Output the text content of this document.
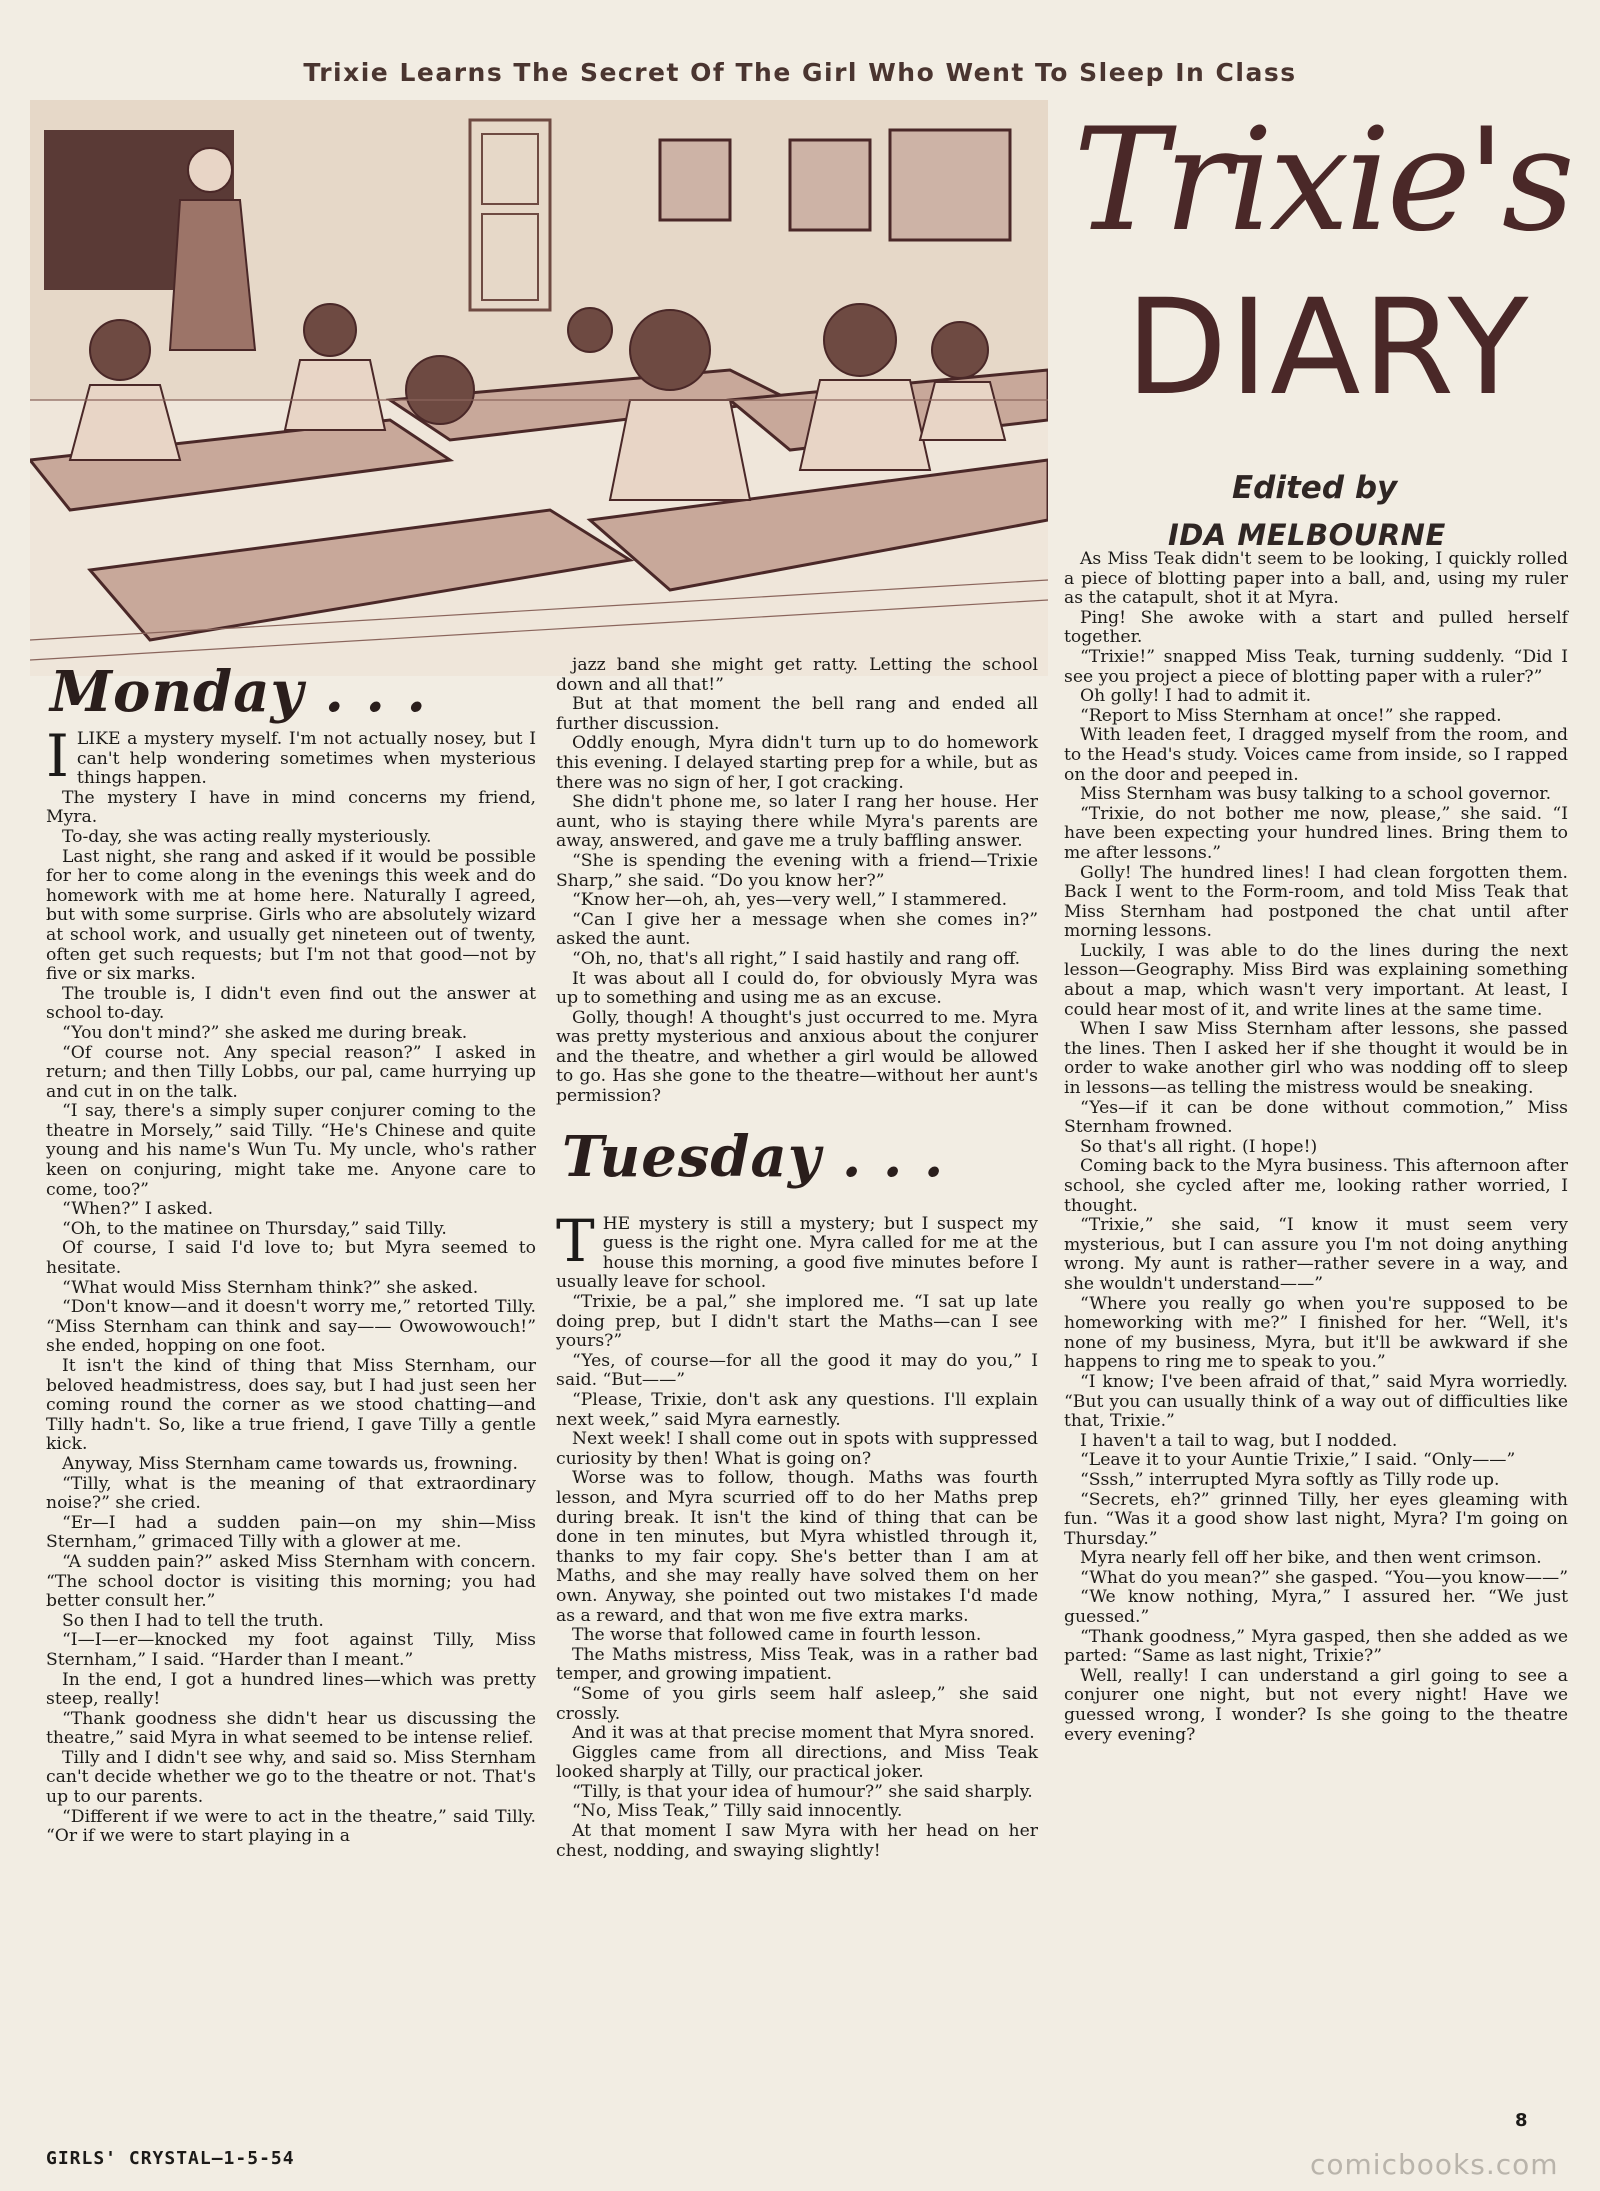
Trixie Learns The Secret Of The Girl Who Went To Sleep In Class
Trixie's
DIARY
Edited by
IDA MELBOURNE
Monday . . .

ILIKE a mystery myself. I'm not actually nosey, but I can't help wondering sometimes when mysterious things happen.

The mystery I have in mind concerns my friend, Myra.

To-day, she was acting really mysteriously.

Last night, she rang and asked if it would be possible for her to come along in the evenings this week and do homework with me at home here. Naturally I agreed, but with some surprise. Girls who are absolutely wizard at school work, and usually get nineteen out of twenty, often get such requests; but I'm not that good—not by five or six marks.

The trouble is, I didn't even find out the answer at school to-day.

“You don't mind?” she asked me during break.

“Of course not. Any special reason?” I asked in return; and then Tilly Lobbs, our pal, came hurrying up and cut in on the talk.

“I say, there's a simply super conjurer coming to the theatre in Morsely,” said Tilly. “He's Chinese and quite young and his name's Wun Tu. My uncle, who's rather keen on conjuring, might take me. Anyone care to come, too?”

“When?” I asked.

“Oh, to the matinee on Thursday,” said Tilly.

Of course, I said I'd love to; but Myra seemed to hesitate.

“What would Miss Sternham think?” she asked.

“Don't know—and it doesn't worry me,” retorted Tilly. “Miss Sternham can think and say—— Owowowouch!” she ended, hopping on one foot.

It isn't the kind of thing that Miss Sternham, our beloved headmistress, does say, but I had just seen her coming round the corner as we stood chatting—and Tilly hadn't. So, like a true friend, I gave Tilly a gentle kick.

Anyway, Miss Sternham came towards us, frowning.

“Tilly, what is the meaning of that extraordinary noise?” she cried.

“Er—I had a sudden pain—on my shin—Miss Sternham,” grimaced Tilly with a glower at me.

“A sudden pain?” asked Miss Sternham with concern. “The school doctor is visiting this morning; you had better consult her.”

So then I had to tell the truth.

“I—I—er—knocked my foot against Tilly, Miss Sternham,” I said. “Harder than I meant.”

In the end, I got a hundred lines—which was pretty steep, really!

“Thank goodness she didn't hear us discussing the theatre,” said Myra in what seemed to be intense relief.

Tilly and I didn't see why, and said so. Miss Sternham can't decide whether we go to the theatre or not. That's up to our parents.

“Different if we were to act in the theatre,” said Tilly. “Or if we were to start playing in a

jazz band she might get ratty. Letting the school down and all that!”

But at that moment the bell rang and ended all further discussion.

Oddly enough, Myra didn't turn up to do homework this evening. I delayed starting prep for a while, but as there was no sign of her, I got cracking.

She didn't phone me, so later I rang her house. Her aunt, who is staying there while Myra's parents are away, answered, and gave me a truly baffling answer.

“She is spending the evening with a friend—Trixie Sharp,” she said. “Do you know her?”

“Know her—oh, ah, yes—very well,” I stammered.

“Can I give her a message when she comes in?” asked the aunt.

“Oh, no, that's all right,” I said hastily and rang off.

It was about all I could do, for obviously Myra was up to something and using me as an excuse.

Golly, though! A thought's just occurred to me. Myra was pretty mysterious and anxious about the conjurer and the theatre, and whether a girl would be allowed to go. Has she gone to the theatre—without her aunt's permission?

Tuesday . . .

THE mystery is still a mystery; but I suspect my guess is the right one. Myra called for me at the house this morning, a good five minutes before I usually leave for school.

“Trixie, be a pal,” she implored me. “I sat up late doing prep, but I didn't start the Maths—can I see yours?”

“Yes, of course—for all the good it may do you,” I said. “But——”

“Please, Trixie, don't ask any questions. I'll explain next week,” said Myra earnestly.

Next week! I shall come out in spots with suppressed curiosity by then! What is going on?

Worse was to follow, though. Maths was fourth lesson, and Myra scurried off to do her Maths prep during break. It isn't the kind of thing that can be done in ten minutes, but Myra whistled through it, thanks to my fair copy. She's better than I am at Maths, and she may really have solved them on her own. Anyway, she pointed out two mistakes I'd made as a reward, and that won me five extra marks.

The worse that followed came in fourth lesson.

The Maths mistress, Miss Teak, was in a rather bad temper, and growing impatient.

“Some of you girls seem half asleep,” she said crossly.

And it was at that precise moment that Myra snored.

Giggles came from all directions, and Miss Teak looked sharply at Tilly, our practical joker.

“Tilly, is that your idea of humour?” she said sharply.

“No, Miss Teak,” Tilly said innocently.

At that moment I saw Myra with her head on her chest, nodding, and swaying slightly!

As Miss Teak didn't seem to be looking, I quickly rolled a piece of blotting paper into a ball, and, using my ruler as the catapult, shot it at Myra.

Ping! She awoke with a start and pulled herself together.

“Trixie!” snapped Miss Teak, turning suddenly. “Did I see you project a piece of blotting paper with a ruler?”

Oh golly! I had to admit it.

“Report to Miss Sternham at once!” she rapped.

With leaden feet, I dragged myself from the room, and to the Head's study. Voices came from inside, so I rapped on the door and peeped in.

Miss Sternham was busy talking to a school governor.

“Trixie, do not bother me now, please,” she said. “I have been expecting your hundred lines. Bring them to me after lessons.”

Golly! The hundred lines! I had clean forgotten them. Back I went to the Form-room, and told Miss Teak that Miss Sternham had postponed the chat until after morning lessons.

Luckily, I was able to do the lines during the next lesson—Geography. Miss Bird was explaining something about a map, which wasn't very important. At least, I could hear most of it, and write lines at the same time.

When I saw Miss Sternham after lessons, she passed the lines. Then I asked her if she thought it would be in order to wake another girl who was nodding off to sleep in lessons—as telling the mistress would be sneaking.

“Yes—if it can be done without commotion,” Miss Sternham frowned.

So that's all right. (I hope!)

Coming back to the Myra business. This afternoon after school, she cycled after me, looking rather worried, I thought.

“Trixie,” she said, “I know it must seem very mysterious, but I can assure you I'm not doing anything wrong. My aunt is rather—rather severe in a way, and she wouldn't understand——”

“Where you really go when you're supposed to be homeworking with me?” I finished for her. “Well, it's none of my business, Myra, but it'll be awkward if she happens to ring me to speak to you.”

“I know; I've been afraid of that,” said Myra worriedly. “But you can usually think of a way out of difficulties like that, Trixie.”

I haven't a tail to wag, but I nodded.

“Leave it to your Auntie Trixie,” I said. “Only——”

“Sssh,” interrupted Myra softly as Tilly rode up.

“Secrets, eh?” grinned Tilly, her eyes gleaming with fun. “Was it a good show last night, Myra? I'm going on Thursday.”

Myra nearly fell off her bike, and then went crimson.

“What do you mean?” she gasped. “You—you know——”

“We know nothing, Myra,” I assured her. “We just guessed.”

“Thank goodness,” Myra gasped, then she added as we parted: “Same as last night, Trixie?”

Well, really! I can understand a girl going to see a conjurer one night, but not every night! Have we guessed wrong, I wonder? Is she going to the theatre every evening?

GIRLS' CRYSTAL—1-5-54
8
comicbooks.com
